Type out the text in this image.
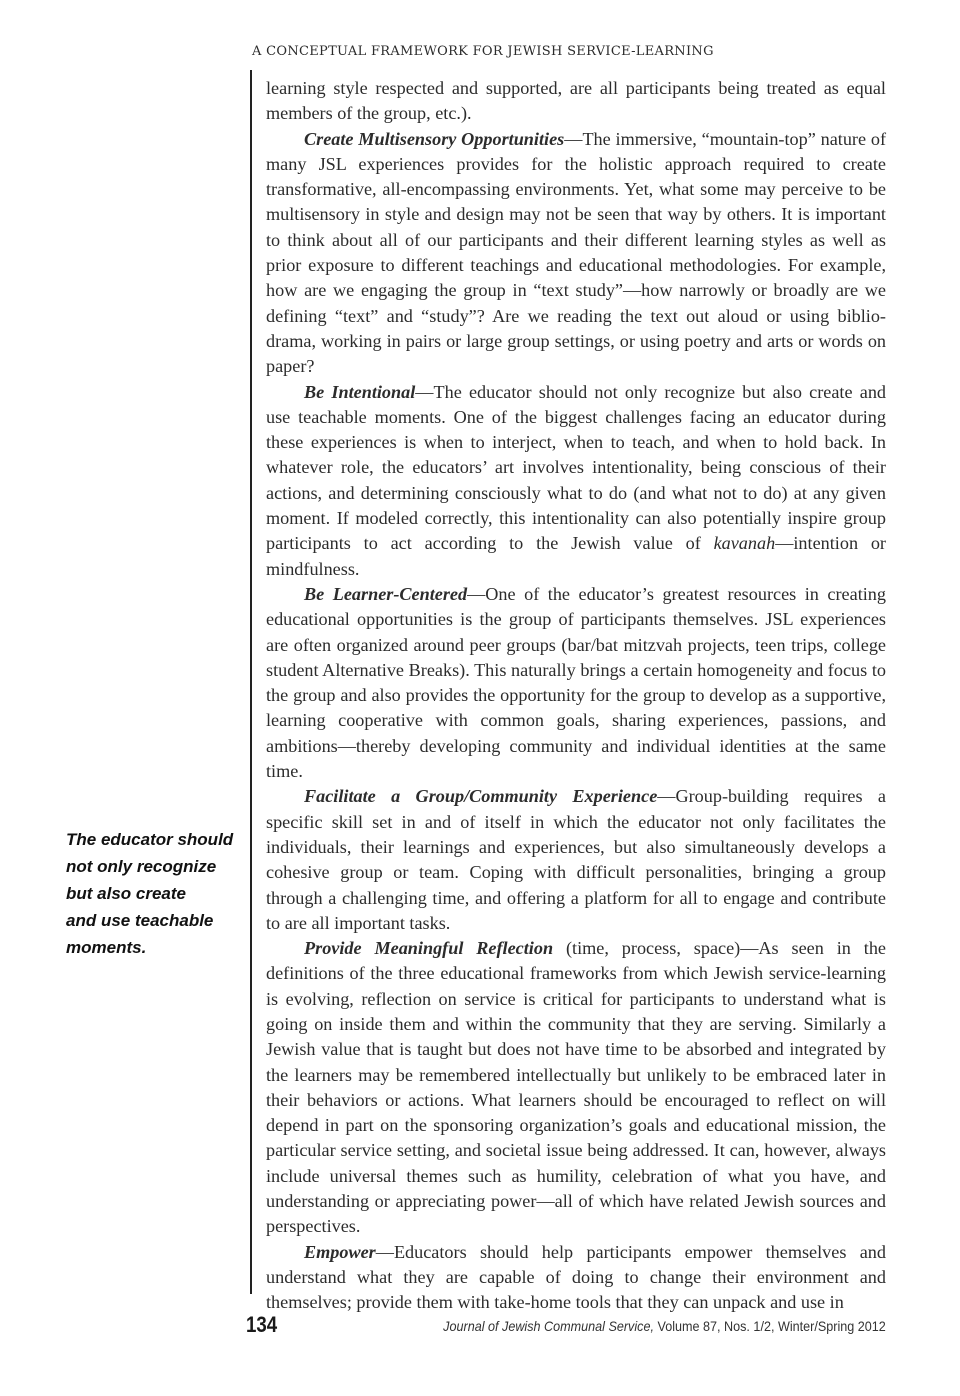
A CONCEPTUAL FRAMEWORK FOR JEWISH SERVICE-LEARNING

learning style respected and supported, are all participants being treated as equal members of the group, etc.).

Create Multisensory Opportunities—The immersive, “mountain-top” nature of many JSL experiences provides for the holistic approach required to create transformative, all-encompassing environments. Yet, what some may perceive to be multisensory in style and design may not be seen that way by others. It is important to think about all of our participants and their different learning styles as well as prior exposure to different teachings and educational methodologies. For example, how are we engaging the group in “text study”—how narrowly or broadly are we defining “text” and “study”? Are we reading the text out aloud or using biblio-drama, working in pairs or large group settings, or using poetry and arts or words on paper?

Be Intentional—The educator should not only recognize but also create and use teachable moments. One of the biggest challenges facing an educator during these experiences is when to interject, when to teach, and when to hold back. In whatever role, the educators’ art involves intentionality, being conscious of their actions, and determining consciously what to do (and what not to do) at any given moment. If modeled correctly, this intentionality can also potentially inspire group participants to act according to the Jewish value of kavanah—intention or mindfulness.

Be Learner-Centered—One of the educator’s greatest resources in creating educational opportunities is the group of participants themselves. JSL experiences are often organized around peer groups (bar/bat mitzvah projects, teen trips, college student Alternative Breaks). This naturally brings a certain homogeneity and focus to the group and also provides the opportunity for the group to develop as a supportive, learning cooperative with common goals, sharing experiences, passions, and ambitions—thereby developing community and individual identities at the same time.

Facilitate a Group/Community Experience—Group-building requires a specific skill set in and of itself in which the educator not only facilitates the individuals, their learnings and experiences, but also simultaneously develops a cohesive group or team. Coping with difficult personalities, bringing a group through a challenging time, and offering a platform for all to engage and contribute to are all important tasks.

Provide Meaningful Reflection (time, process, space)—As seen in the definitions of the three educational frameworks from which Jewish service-learning is evolving, reflection on service is critical for participants to understand what is going on inside them and within the community that they are serving. Similarly a Jewish value that is taught but does not have time to be absorbed and integrated by the learners may be remembered intellectually but unlikely to be embraced later in their behaviors or actions. What learners should be encouraged to reflect on will depend in part on the sponsoring organization’s goals and educational mission, the particular service setting, and societal issue being addressed. It can, however, always include universal themes such as humility, celebration of what you have, and understanding or appreciating power—all of which have related Jewish sources and perspectives.

Empower—Educators should help participants empower themselves and understand what they are capable of doing to change their environment and themselves; provide them with take-home tools that they can unpack and use in

The educator should
not only recognize
but also create
and use teachable
moments.
134	Journal of Jewish Communal Service, Volume 87, Nos. 1/2, Winter/Spring 2012
